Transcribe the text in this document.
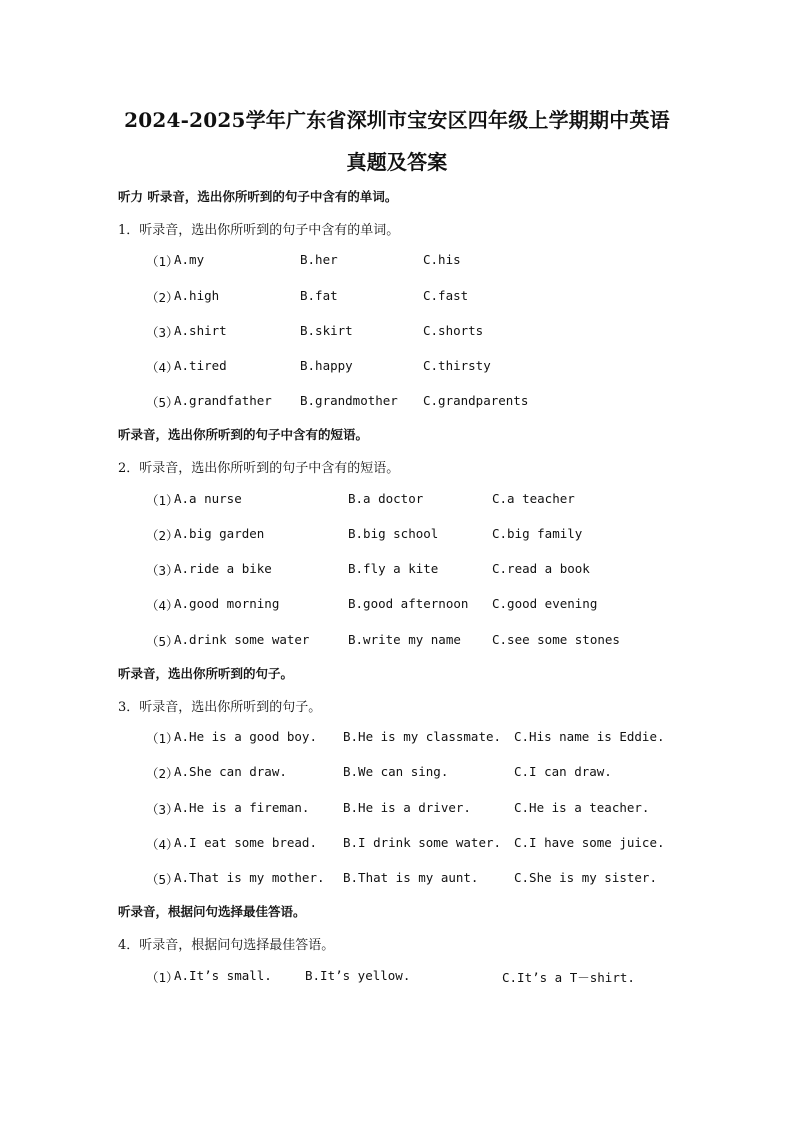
2024-2025学年广东省深圳市宝安区四年级上学期期中英语
真题及答案
听力 听录音，选出你所听到的句子中含有的单词。
1．听录音，选出你所听到的句子中含有的单词。
（1）
A.my	B.her	C.his
（2）
A.high	B.fat	C.fast
（3）
A.shirt	B.skirt	C.shorts
（4）
A.tired	B.happy	C.thirsty
（5）
A.grandfather B.grandmother C.grandparents
听录音，选出你所听到的句子中含有的短语。
2．听录音，选出你所听到的句子中含有的短语。
（1）
A.a nurse	B.a doctor	C.a teacher
（2）
A.big garden	B.big school	C.big family
（3）
A.ride a bike	B.fly a kite	C.read a book
（4）
A.good morning	B.good afternoon C.good evening
（5）
A.drink some water	B.write my name C.see some stones
听录音，选出你所听到的句子。
3．听录音，选出你所听到的句子。
（1）
A.He is a good boy. B.He is my classmate. C.His name is Eddie.
（2）
A.She can draw.	B.We can sing.	C.I can draw.
（3）
A.He is a fireman.	B.He is a driver.	C.He is a teacher.
（4）
A.I eat some bread. B.I drink some water. C.I have some juice.
（5）
A.That is my mother. B.That is my aunt.	C.She is my sister.
听录音，根据问句选择最佳答语。
4．听录音，根据问句选择最佳答语。
（1）
A.It’s small.	B.It’s yellow.	C.It’s a T－shirt.
